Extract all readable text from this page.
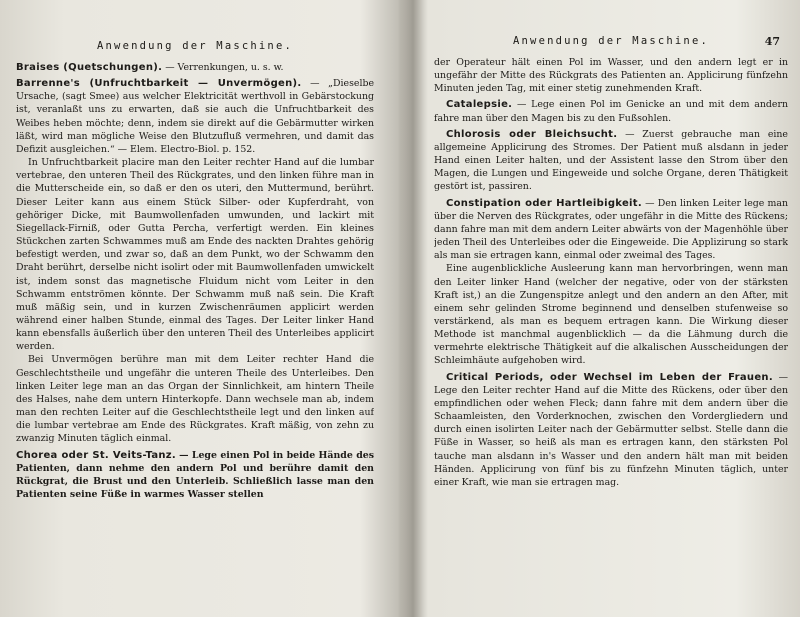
Anwendung der Maschine.

Braises (Quetschungen). — Verrenkungen, u. s. w.

Barrenne's (Unfruchtbarkeit — Unvermögen). — „Dieselbe Ursache, (sagt Smee) aus welcher Elektricität werthvoll in Gebärstockung ist, veranlaßt uns zu erwarten, daß sie auch die Unfruchtbarkeit des Weibes heben möchte; denn, indem sie direkt auf die Gebärmutter wirken läßt, wird man mögliche Weise den Blutzufluß vermehren, und damit das Defizit ausgleichen.“ — Elem. Electro-Biol. p. 152.

In Unfruchtbarkeit placire man den Leiter rechter Hand auf die lumbar vertebrae, den unteren Theil des Rückgrates, und den linken führe man in die Mutterscheide ein, so daß er den os uteri, den Muttermund, berührt. Dieser Leiter kann aus einem Stück Silber- oder Kupferdraht, von gehöriger Dicke, mit Baumwollenfaden umwunden, und lackirt mit Siegellack-Firniß, oder Gutta Percha, verfertigt werden. Ein kleines Stückchen zarten Schwammes muß am Ende des nackten Drahtes gehörig befestigt werden, und zwar so, daß an dem Punkt, wo der Schwamm den Draht berührt, derselbe nicht isolirt oder mit Baumwollenfaden umwickelt ist, indem sonst das magnetische Fluidum nicht vom Leiter in den Schwamm entströmen könnte. Der Schwamm muß naß sein. Die Kraft muß mäßig sein, und in kurzen Zwischenräumen applicirt werden während einer halben Stunde, einmal des Tages. Der Leiter linker Hand kann ebensfalls äußerlich über den unteren Theil des Unterleibes applicirt werden.

Bei Unvermögen berühre man mit dem Leiter rechter Hand die Geschlechtstheile und ungefähr die unteren Theile des Unterleibes. Den linken Leiter lege man an das Organ der Sinnlichkeit, am hintern Theile des Halses, nahe dem untern Hinterkopfe. Dann wechsele man ab, indem man den rechten Leiter auf die Geschlechtstheile legt und den linken auf die lumbar vertebrae am Ende des Rückgrates. Kraft mäßig, von zehn zu zwanzig Minuten täglich einmal.

Chorea oder St. Veits-Tanz. — Lege einen Pol in beide Hände des Patienten, dann nehme den andern Pol und berühre damit den Rückgrat, die Brust und den Unterleib. Schließlich lasse man den Patienten seine Füße in warmes Wasser stellen

Anwendung der Maschine.	47

der Operateur hält einen Pol im Wasser, und den andern legt er in ungefähr der Mitte des Rückgrats des Patienten an. Applicirung fünfzehn Minuten jeden Tag, mit einer stetig zunehmenden Kraft.

Catalepsie. — Lege einen Pol im Genicke an und mit dem andern fahre man über den Magen bis zu den Fußsohlen.

Chlorosis oder Bleichsucht. — Zuerst gebrauche man eine allgemeine Applicirung des Stromes. Der Patient muß alsdann in jeder Hand einen Leiter halten, und der Assistent lasse den Strom über den Magen, die Lungen und Eingeweide und solche Organe, deren Thätigkeit gestört ist, passiren.

Constipation oder Hartleibigkeit. — Den linken Leiter lege man über die Nerven des Rückgrates, oder ungefähr in die Mitte des Rückens; dann fahre man mit dem andern Leiter abwärts von der Magenhöhle über jeden Theil des Unterleibes oder die Eingeweide. Die Applizirung so stark als man sie ertragen kann, einmal oder zweimal des Tages.

Eine augenblickliche Ausleerung kann man hervorbringen, wenn man den Leiter linker Hand (welcher der negative, oder von der stärksten Kraft ist,) an die Zungenspitze anlegt und den andern an den After, mit einem sehr gelinden Strome beginnend und denselben stufenweise so verstärkend, als man es bequem ertragen kann. Die Wirkung dieser Methode ist manchmal augenblicklich — da die Lähmung durch die vermehrte elektrische Thätigkeit auf die alkalischen Ausscheidungen der Schleimhäute aufgehoben wird.

Critical Periods, oder Wechsel im Leben der Frauen. — Lege den Leiter rechter Hand auf die Mitte des Rückens, oder über den empfindlichen oder wehen Fleck; dann fahre mit dem andern über die Schaamleisten, den Vorderknochen, zwischen den Vordergliedern und durch einen isolirten Leiter nach der Gebärmutter selbst. Stelle dann die Füße in Wasser, so heiß als man es ertragen kann, den stärksten Pol tauche man alsdann in's Wasser und den andern hält man mit beiden Händen. Applicirung von fünf bis zu fünfzehn Minuten täglich, unter einer Kraft, wie man sie ertragen mag.
